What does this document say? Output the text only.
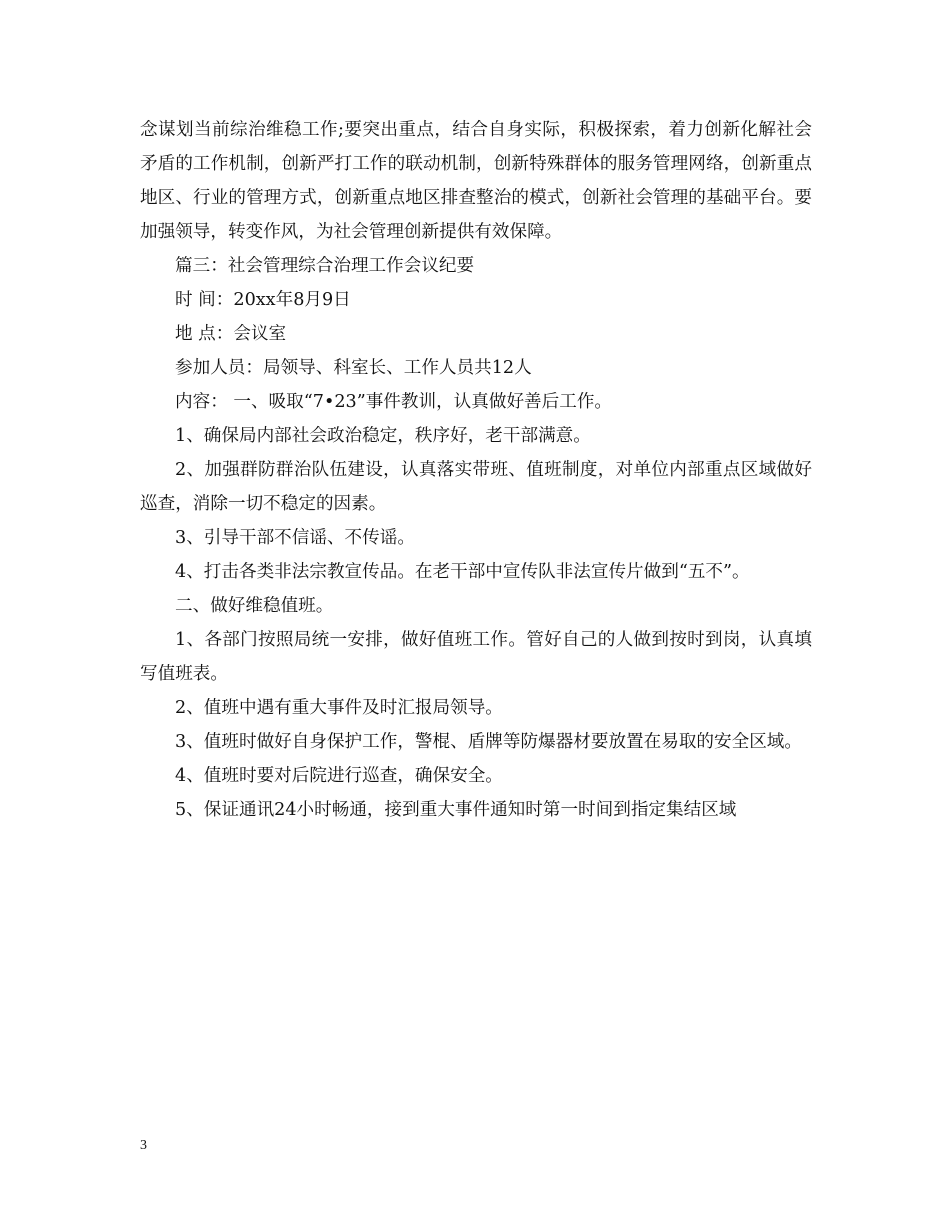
念谋划当前综治维稳工作;要突出重点，结合自身实际，积极探索，着力创新化解社会矛盾的工作机制，创新严打工作的联动机制，创新特殊群体的服务管理网络，创新重点地区、行业的管理方式，创新重点地区排查整治的模式，创新社会管理的基础平台。要加强领导，转变作风，为社会管理创新提供有效保障。

篇三：社会管理综合治理工作会议纪要

时 间：20xx年8月9日

地 点：会议室

参加人员：局领导、科室长、工作人员共12人

内容： 一、吸取“7•23”事件教训，认真做好善后工作。

1、确保局内部社会政治稳定，秩序好，老干部满意。

2、加强群防群治队伍建设，认真落实带班、值班制度，对单位内部重点区域做好巡查，消除一切不稳定的因素。

3、引导干部不信谣、不传谣。

4、打击各类非法宗教宣传品。在老干部中宣传队非法宣传片做到“五不”。

二、做好维稳值班。

1、各部门按照局统一安排，做好值班工作。管好自己的人做到按时到岗，认真填写值班表。

2、值班中遇有重大事件及时汇报局领导。

3、值班时做好自身保护工作，警棍、盾牌等防爆器材要放置在易取的安全区域。

4、值班时要对后院进行巡查，确保安全。

5、保证通讯24小时畅通，接到重大事件通知时第一时间到指定集结区域

3
